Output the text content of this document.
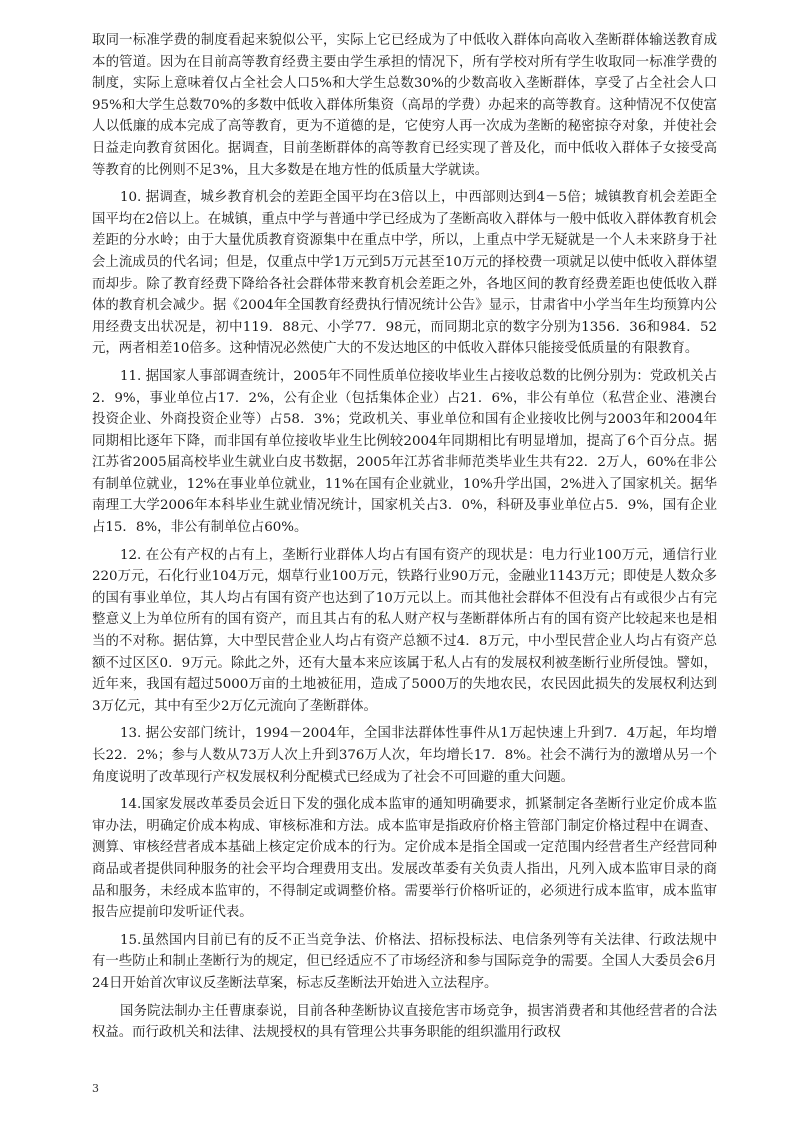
取同一标准学费的制度看起来貌似公平，实际上它已经成为了中低收入群体向高收入垄断群体输送教育成本的管道。因为在目前高等教育经费主要由学生承担的情况下，所有学校对所有学生收取同一标准学费的制度，实际上意味着仅占全社会人口5%和大学生总数30%的少数高收入垄断群体，享受了占全社会人口95%和大学生总数70%的多数中低收入群体所集资（高昂的学费）办起来的高等教育。这种情况不仅使富人以低廉的成本完成了高等教育，更为不道德的是，它使穷人再一次成为垄断的秘密掠夺对象，并使社会日益走向教育贫困化。据调查，目前垄断群体的高等教育已经实现了普及化，而中低收入群体子女接受高等教育的比例则不足3%，且大多数是在地方性的低质量大学就读。

10. 据调查，城乡教育机会的差距全国平均在3倍以上，中西部则达到4－5倍；城镇教育机会差距全国平均在2倍以上。在城镇，重点中学与普通中学已经成为了垄断高收入群体与一般中低收入群体教育机会差距的分水岭；由于大量优质教育资源集中在重点中学，所以，上重点中学无疑就是一个人未来跻身于社会上流成员的代名词；但是，仅重点中学1万元到5万元甚至10万元的择校费一项就足以使中低收入群体望而却步。除了教育经费下降给各社会群体带来教育机会差距之外，各地区间的教育经费差距也使低收入群体的教育机会减少。据《2004年全国教育经费执行情况统计公告》显示，甘肃省中小学当年生均预算内公用经费支出状况是，初中119．88元、小学77．98元，而同期北京的数字分别为1356．36和984．52元，两者相差10倍多。这种情况必然使广大的不发达地区的中低收入群体只能接受低质量的有限教育。

11. 据国家人事部调查统计，2005年不同性质单位接收毕业生占接收总数的比例分别为：党政机关占2．9%，事业单位占17．2%，公有企业（包括集体企业）占21．6%，非公有单位（私营企业、港澳台投资企业、外商投资企业等）占58．3%；党政机关、事业单位和国有企业接收比例与2003年和2004年同期相比逐年下降，而非国有单位接收毕业生比例较2004年同期相比有明显增加，提高了6个百分点。据江苏省2005届高校毕业生就业白皮书数据，2005年江苏省非师范类毕业生共有22．2万人，60%在非公有制单位就业，12%在事业单位就业，11%在国有企业就业，10%升学出国，2%进入了国家机关。据华南理工大学2006年本科毕业生就业情况统计，国家机关占3．0%，科研及事业单位占5．9%，国有企业占15．8%，非公有制单位占60%。

12. 在公有产权的占有上，垄断行业群体人均占有国有资产的现状是：电力行业100万元，通信行业220万元，石化行业104万元，烟草行业100万元，铁路行业90万元，金融业1143万元；即使是人数众多的国有事业单位，其人均占有国有资产也达到了10万元以上。而其他社会群体不但没有占有或很少占有完整意义上为单位所有的国有资产，而且其占有的私人财产权与垄断群体所占有的国有资产比较起来也是相当的不对称。据估算，大中型民营企业人均占有资产总额不过4．8万元，中小型民营企业人均占有资产总额不过区区0．9万元。除此之外，还有大量本来应该属于私人占有的发展权利被垄断行业所侵蚀。譬如，近年来，我国有超过5000万亩的土地被征用，造成了5000万的失地农民，农民因此损失的发展权利达到3万亿元，其中有至少2万亿元流向了垄断群体。

13. 据公安部门统计，1994－2004年，全国非法群体性事件从1万起快速上升到7．4万起，年均增长22．2%；参与人数从73万人次上升到376万人次，年均增长17．8%。社会不满行为的激增从另一个角度说明了改革现行产权发展权利分配模式已经成为了社会不可回避的重大问题。

14.国家发展改革委员会近日下发的强化成本监审的通知明确要求，抓紧制定各垄断行业定价成本监审办法，明确定价成本构成、审核标准和方法。成本监审是指政府价格主管部门制定价格过程中在调查、测算、审核经营者成本基础上核定定价成本的行为。定价成本是指全国或一定范围内经营者生产经营同种商品或者提供同种服务的社会平均合理费用支出。发展改革委有关负责人指出，凡列入成本监审目录的商品和服务，未经成本监审的，不得制定或调整价格。需要举行价格听证的，必须进行成本监审，成本监审报告应提前印发听证代表。

15.虽然国内目前已有的反不正当竞争法、价格法、招标投标法、电信条列等有关法律、行政法规中有一些防止和制止垄断行为的规定，但已经适应不了市场经济和参与国际竞争的需要。全国人大委员会6月24日开始首次审议反垄断法草案，标志反垄断法开始进入立法程序。

国务院法制办主任曹康泰说，目前各种垄断协议直接危害市场竞争，损害消费者和其他经营者的合法权益。而行政机关和法律、法规授权的具有管理公共事务职能的组织滥用行政权

3
